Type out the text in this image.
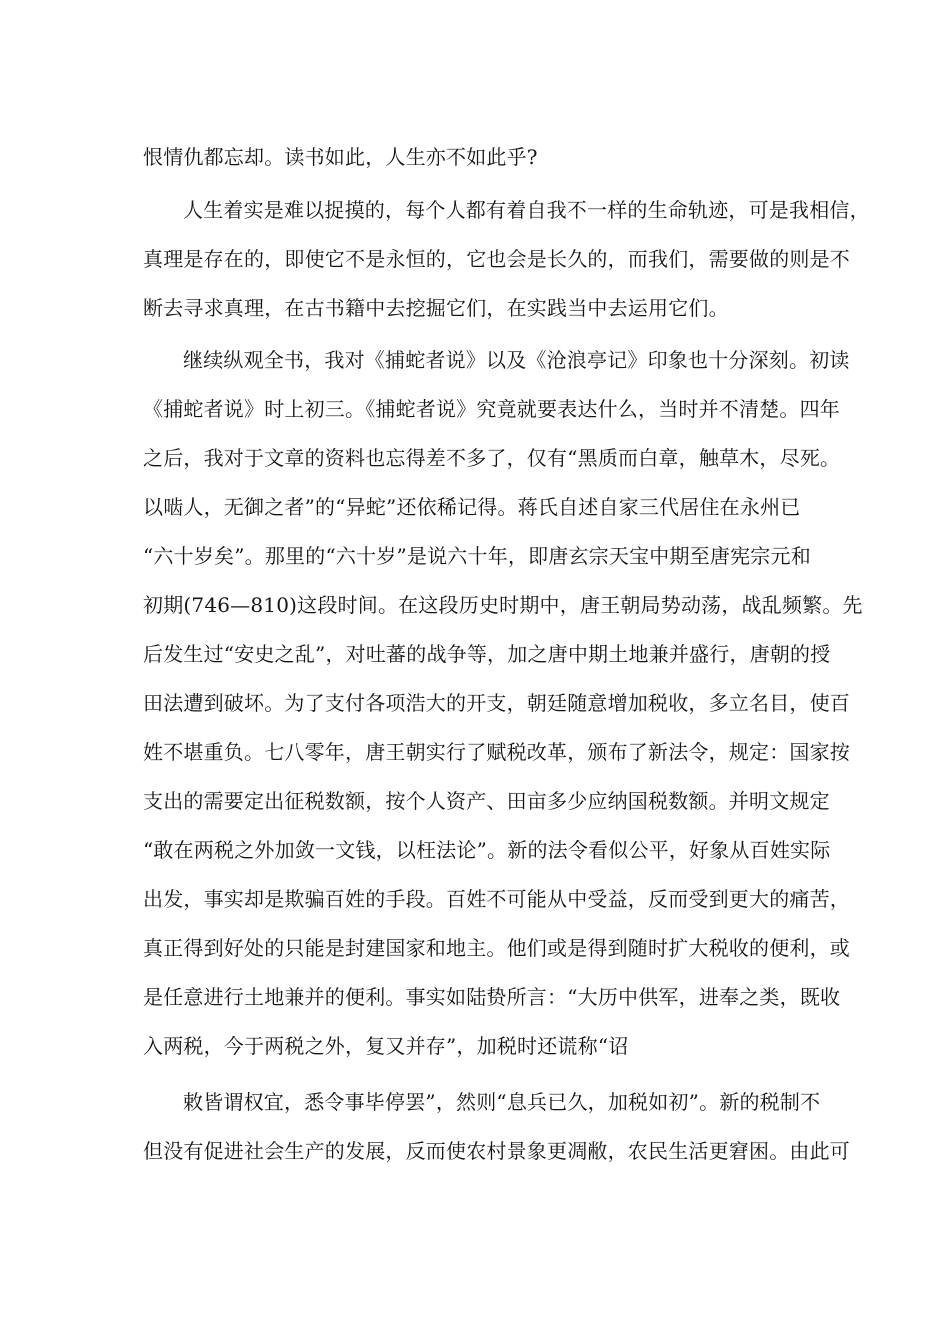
恨情仇都忘却。读书如此，人生亦不如此乎?
人生着实是难以捉摸的，每个人都有着自我不一样的生命轨迹，可是我相信，
真理是存在的，即使它不是永恒的，它也会是长久的，而我们，需要做的则是不
断去寻求真理，在古书籍中去挖掘它们，在实践当中去运用它们。
继续纵观全书，我对《捕蛇者说》以及《沧浪亭记》印象也十分深刻。初读
《捕蛇者说》时上初三。《捕蛇者说》究竟就要表达什么，当时并不清楚。四年
之后，我对于文章的资料也忘得差不多了，仅有“黑质而白章，触草木，尽死。
以啮人，无御之者”的“异蛇”还依稀记得。蒋氏自述自家三代居住在永州已
“六十岁矣”。那里的“六十岁”是说六十年，即唐玄宗天宝中期至唐宪宗元和
初期(746—810)这段时间。在这段历史时期中，唐王朝局势动荡，战乱频繁。先
后发生过“安史之乱”，对吐蕃的战争等，加之唐中期土地兼并盛行，唐朝的授
田法遭到破坏。为了支付各项浩大的开支，朝廷随意增加税收，多立名目，使百
姓不堪重负。七八零年，唐王朝实行了赋税改革，颁布了新法令，规定：国家按
支出的需要定出征税数额，按个人资产、田亩多少应纳国税数额。并明文规定
“敢在两税之外加敛一文钱，以枉法论”。新的法令看似公平，好象从百姓实际
出发，事实却是欺骗百姓的手段。百姓不可能从中受益，反而受到更大的痛苦，
真正得到好处的只能是封建国家和地主。他们或是得到随时扩大税收的便利，或
是任意进行土地兼并的便利。事实如陆贽所言：“大历中供军，进奉之类，既收
入两税，今于两税之外，复又并存”，加税时还谎称“诏
敕皆谓权宜，悉令事毕停罢”，然则“息兵已久，加税如初”。新的税制不
但没有促进社会生产的发展，反而使农村景象更凋敝，农民生活更窘困。由此可
